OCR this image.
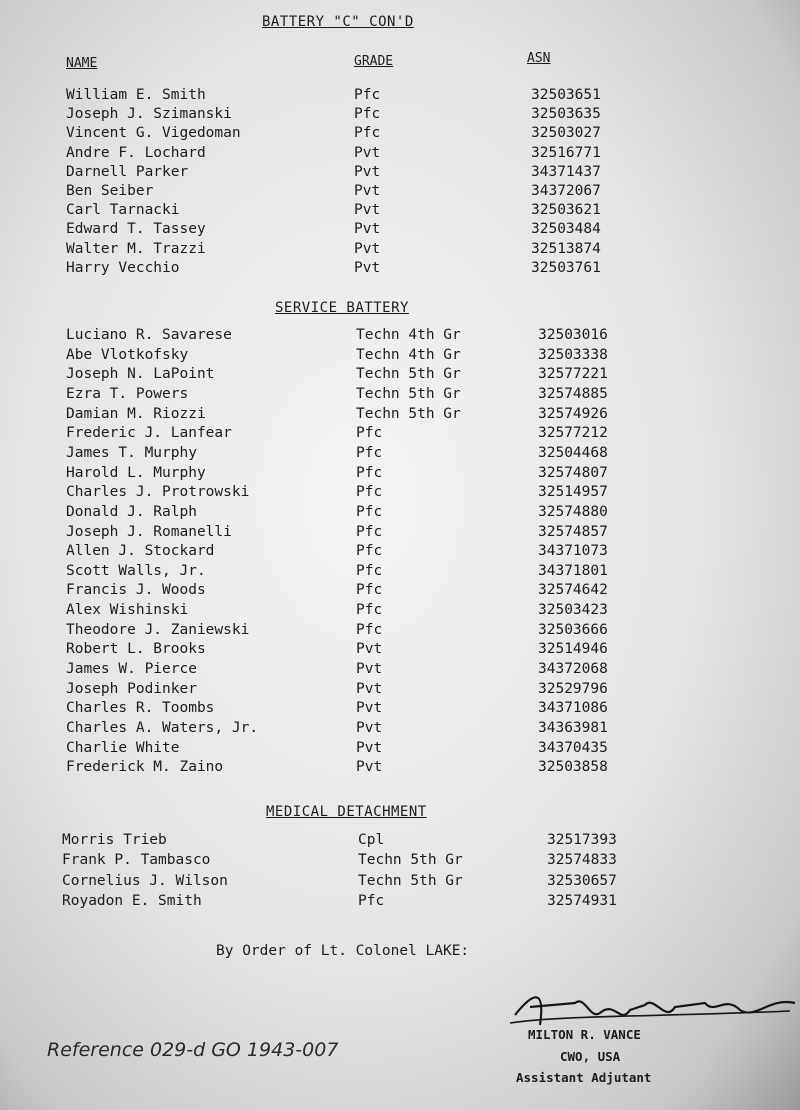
BATTERY "C" CON'D
NAME	GRADE	ASN
William E. Smith	Pfc	32503651
Joseph J. Szimanski	Pfc	32503635
Vincent G. Vigedoman	Pfc	32503027
Andre F. Lochard	Pvt	32516771
Darnell Parker	Pvt	34371437
Ben Seiber	Pvt	34372067
Carl Tarnacki	Pvt	32503621
Edward T. Tassey	Pvt	32503484
Walter M. Trazzi	Pvt	32513874
Harry Vecchio	Pvt	32503761
SERVICE BATTERY
Luciano R. Savarese	Techn 4th Gr	32503016
Abe Vlotkofsky	Techn 4th Gr	32503338
Joseph N. LaPoint	Techn 5th Gr	32577221
Ezra T. Powers	Techn 5th Gr	32574885
Damian M. Riozzi	Techn 5th Gr	32574926
Frederic J. Lanfear	Pfc	32577212
James T. Murphy	Pfc	32504468
Harold L. Murphy	Pfc	32574807
Charles J. Protrowski	Pfc	32514957
Donald J. Ralph	Pfc	32574880
Joseph J. Romanelli	Pfc	32574857
Allen J. Stockard	Pfc	34371073
Scott Walls, Jr.	Pfc	34371801
Francis J. Woods	Pfc	32574642
Alex Wishinski	Pfc	32503423
Theodore J. Zaniewski	Pfc	32503666
Robert L. Brooks	Pvt	32514946
James W. Pierce	Pvt	34372068
Joseph Podinker	Pvt	32529796
Charles R. Toombs	Pvt	34371086
Charles A. Waters, Jr.	Pvt	34363981
Charlie White	Pvt	34370435
Frederick M. Zaino	Pvt	32503858
MEDICAL DETACHMENT
Morris Trieb	Cpl	32517393
Frank P. Tambasco	Techn 5th Gr	32574833
Cornelius J. Wilson	Techn 5th Gr	32530657
Royadon E. Smith	Pfc	32574931
By Order of Lt. Colonel LAKE:
MILTON R. VANCE
CWO, USA
Assistant Adjutant
Reference 029-d GO 1943-007
